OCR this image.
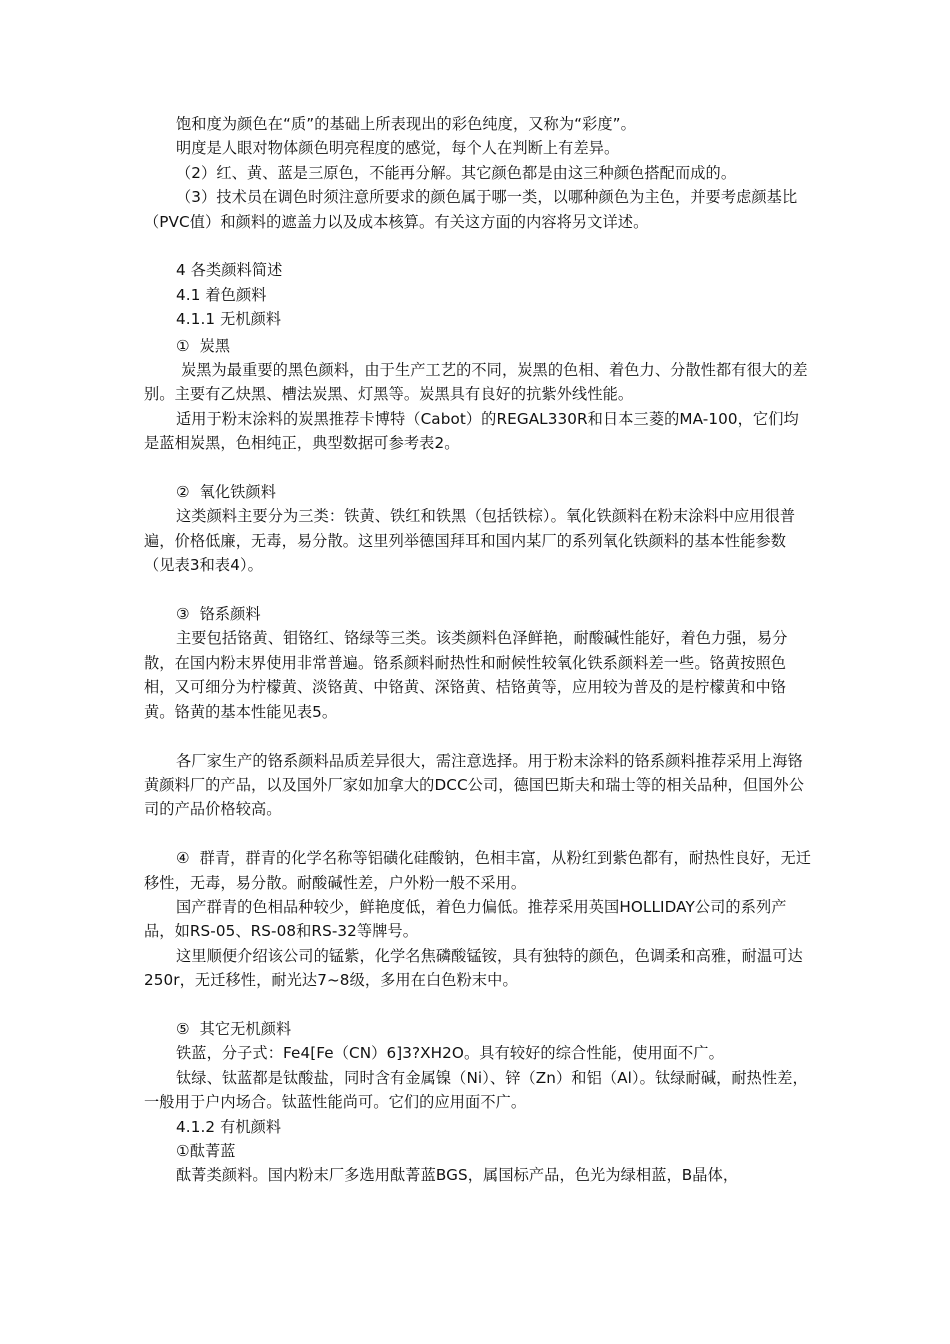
饱和度为颜色在“质”的基础上所表现出的彩色纯度，又称为“彩度”。

明度是人眼对物体颜色明亮程度的感觉，每个人在判断上有差异。

（2）红、黄、蓝是三原色，不能再分解。其它颜色都是由这三种颜色搭配而成的。

（3）技术员在调色时须注意所要求的颜色属于哪一类，以哪种颜色为主色，并要考虑颜基比（PVC值）和颜料的遮盖力以及成本核算。有关这方面的内容将另文详述。

4 各类颜料简述

4.1 着色颜料

4.1.1 无机颜料

①  炭黑

炭黑为最重要的黑色颜料，由于生产工艺的不同，炭黑的色相、着色力、分散性都有很大的差别。主要有乙炔黑、槽法炭黑、灯黑等。炭黑具有良好的抗紫外线性能。

适用于粉末涂料的炭黑推荐卡博特（Cabot）的REGAL330R和日本三菱的MA-100，它们均是蓝相炭黑，色相纯正，典型数据可参考表2。

②  氧化铁颜料

这类颜料主要分为三类：铁黄、铁红和铁黑（包括铁棕）。氧化铁颜料在粉末涂料中应用很普遍，价格低廉，无毒，易分散。这里列举德国拜耳和国内某厂的系列氧化铁颜料的基本性能参数（见表3和表4）。

③  铬系颜料

主要包括铬黄、钼铬红、铬绿等三类。该类颜料色泽鲜艳，耐酸碱性能好，着色力强，易分散，在国内粉末界使用非常普遍。铬系颜料耐热性和耐候性较氧化铁系颜料差一些。铬黄按照色相，又可细分为柠檬黄、淡铬黄、中铬黄、深铬黄、桔铬黄等，应用较为普及的是柠檬黄和中铬黄。铬黄的基本性能见表5。

各厂家生产的铬系颜料品质差异很大，需注意选择。用于粉末涂料的铬系颜料推荐采用上海铬黄颜料厂的产品，以及国外厂家如加拿大的DCC公司，德国巴斯夫和瑞士等的相关品种，但国外公司的产品价格较高。

④  群青，群青的化学名称等铝磺化硅酸钠，色相丰富，从粉红到紫色都有，耐热性良好，无迁移性，无毒，易分散。耐酸碱性差，户外粉一般不采用。

国产群青的色相品种较少，鲜艳度低，着色力偏低。推荐采用英国HOLLIDAY公司的系列产品，如RS-05、RS-08和RS-32等牌号。

这里顺便介绍该公司的锰紫，化学名焦磷酸锰铵，具有独特的颜色，色调柔和高雅，耐温可达250r，无迁移性，耐光达7~8级，多用在白色粉末中。

⑤  其它无机颜料

铁蓝，分子式：Fe4[Fe（CN）6]3?XH2O。具有较好的综合性能，使用面不广。

钛绿、钛蓝都是钛酸盐，同时含有金属镍（Ni）、锌（Zn）和铝（Al）。钛绿耐碱，耐热性差，一般用于户内场合。钛蓝性能尚可。它们的应用面不广。

4.1.2 有机颜料

①酞菁蓝

酞菁类颜料。国内粉末厂多选用酞菁蓝BGS，属国标产品，色光为绿相蓝，B晶体，
